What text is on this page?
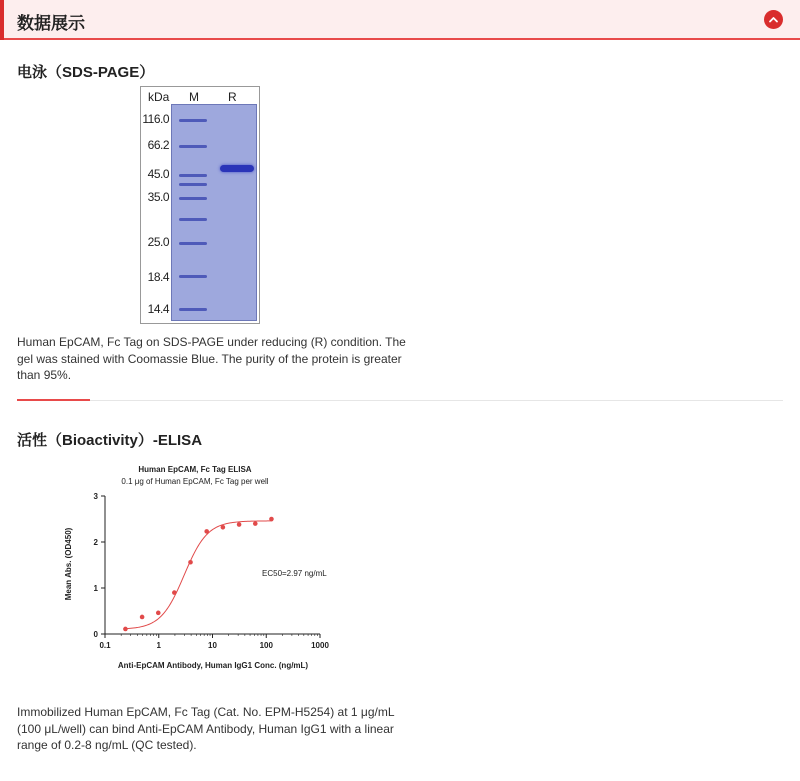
数据展示
电泳（SDS-PAGE）
kDa M R
116.0
66.2
45.0
35.0
25.0
18.4
14.4
Human EpCAM, Fc Tag on SDS-PAGE under reducing (R) condition. The
gel was stained with Coomassie Blue. The purity of the protein is greater
than 95%.
活性（Bioactivity）-ELISA
Human EpCAM, Fc Tag ELISA
0.1 μg of Human EpCAM, Fc Tag per well
0
1
2
3
0.1	1	10	100	1000
EC50=2.97 ng/mL
Anti-EpCAM Antibody, Human IgG1 Conc. (ng/mL)
Mean Abs. (OD450)
Immobilized Human EpCAM, Fc Tag (Cat. No. EPM-H5254) at 1 μg/mL
(100 μL/well) can bind Anti-EpCAM Antibody, Human IgG1 with a linear
range of 0.2-8 ng/mL (QC tested).
